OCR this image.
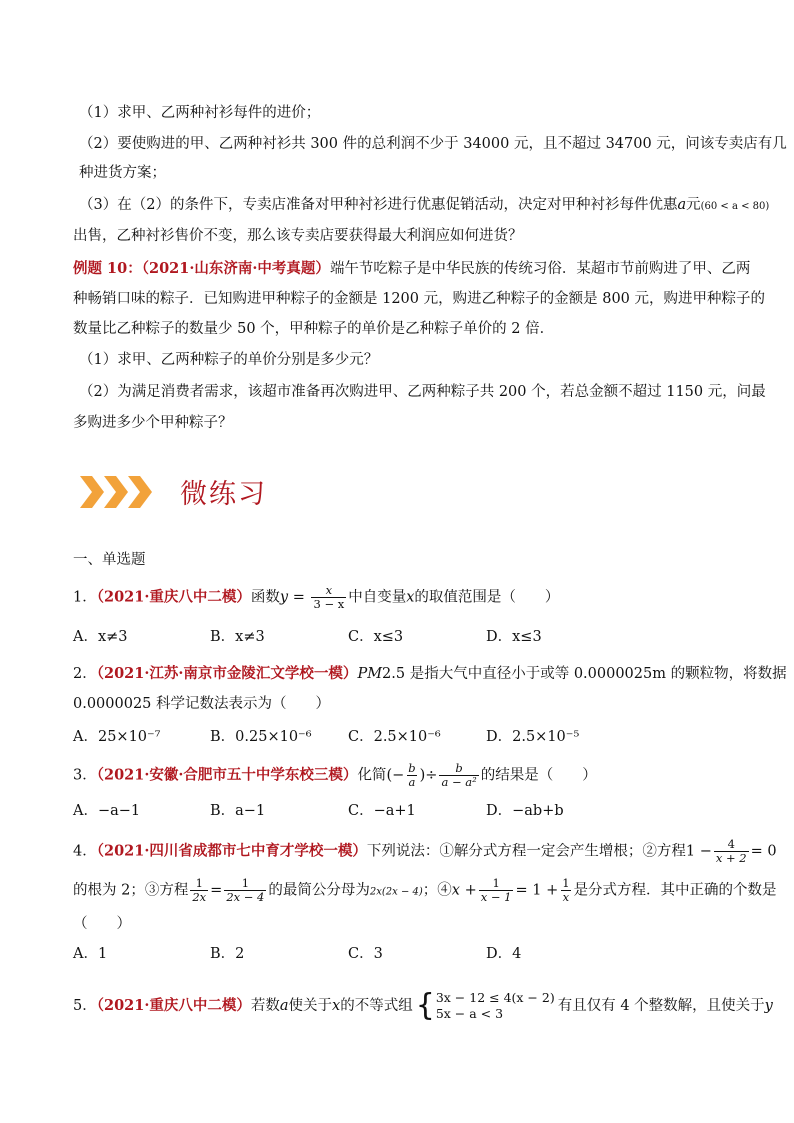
（1）求甲、乙两种衬衫每件的进价；
（2）要使购进的甲、乙两种衬衫共 300 件的总利润不少于 34000 元，且不超过 34700 元，问该专卖店有几
种进货方案；
（3）在（2）的条件下，专卖店准备对甲种衬衫进行优惠促销活动，决定对甲种衬衫每件优惠a元(60 < a < 80)
出售，乙种衬衫售价不变，那么该专卖店要获得最大利润应如何进货？
例题 10：（2021·山东济南·中考真题）端午节吃粽子是中华民族的传统习俗．某超市节前购进了甲、乙两
种畅销口味的粽子．已知购进甲种粽子的金额是 1200 元，购进乙种粽子的金额是 800 元，购进甲种粽子的
数量比乙种粽子的数量少 50 个，甲种粽子的单价是乙种粽子单价的 2 倍．
（1）求甲、乙两种粽子的单价分别是多少元？
（2）为满足消费者需求，该超市准备再次购进甲、乙两种粽子共 200 个，若总金额不超过 1150 元，问最
多购进多少个甲种粽子？
微练习
一、单选题
1．（2021·重庆八中二模）函数$y = \frac{x}{3 - x}$ 中自变量x的取值范围是（　　）
A．x≠3	B．x≠3	C．x≤3	D．x≤3
2．（2021·江苏·南京市金陵汇文学校一模）PM2.5 是指大气中直径小于或等 0.0000025m 的颗粒物，将数据
0.0000025 科学记数法表示为（　　）
A．25×10⁻⁷	B．0.25×10⁻⁶	C．2.5×10⁻⁶	D．2.5×10⁻⁵
3．（2021·安徽·合肥市五十中学东校三模）化简(− $\frac{b}{a}$ )÷ $\frac{b}{\text{a − a²}}$ 的结果是（　　）
A．−a−1	B．a−1	C．−a+1	D．−ab+b
4．（2021·四川省成都市七中育才学校一模）下列说法：①解分式方程一定会产生增根；②方程$1 - \frac{4}{x + 2} = 0$
的根为 2；③方程 $\frac{1}{2x} = \frac{1}{2x - 4}$ 的最简公分母为2x(2x − 4)；④x + $\frac{1}{x - 1} = 1 + \frac{1}{x}$ 是分式方程．其中正确的个数是
（　　）
A．1	B．2	C．3	D．4
5．（2021·重庆八中二模）若数a使关于x的不等式组 { 3x − 12 ≤ 4(x − 2)
5x − a < 3	有且仅有 4 个整数解，且使关于y
